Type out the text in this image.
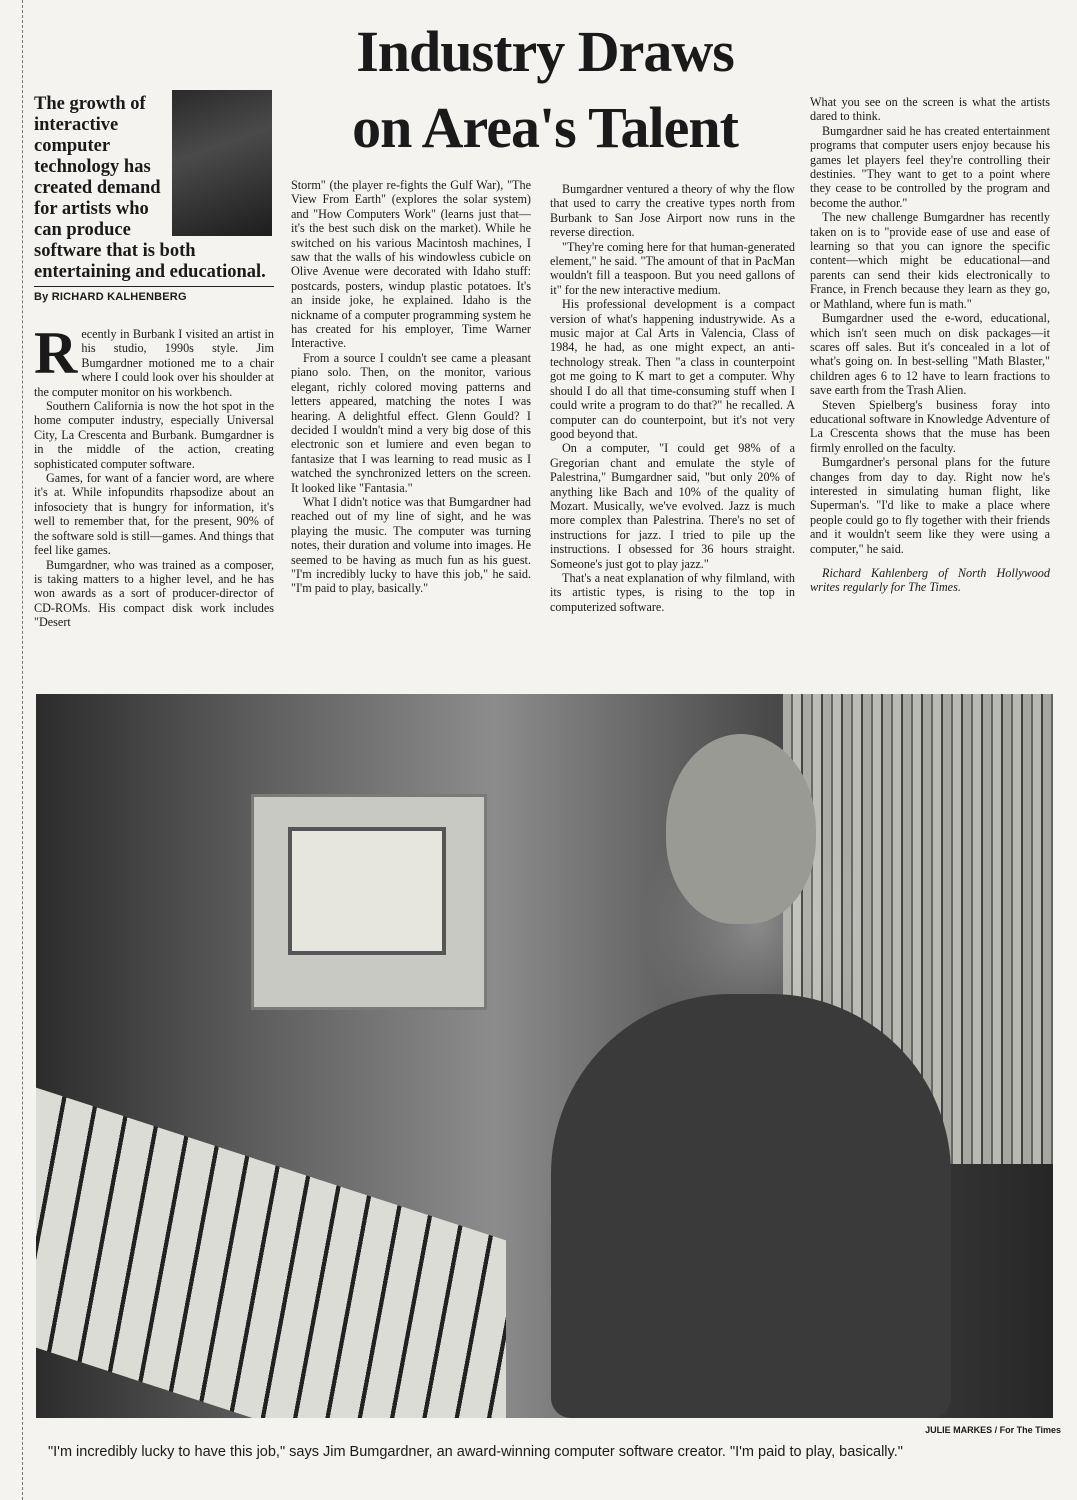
Industry Draws
on Area's Talent
The growth of
interactive
computer
technology has
created demand
for artists who
can produce
software that is both
entertaining and educational.
By RICHARD KALHENBERG

Recently in Burbank I visited an artist in his studio, 1990s style. Jim Bumgardner motioned me to a chair where I could look over his shoulder at the computer monitor on his workbench.

Southern California is now the hot spot in the home computer industry, especially Universal City, La Crescenta and Burbank. Bumgardner is in the middle of the action, creating sophisticated computer software.

Games, for want of a fancier word, are where it's at. While infopundits rhapsodize about an infosociety that is hungry for information, it's well to remember that, for the present, 90% of the software sold is still—games. And things that feel like games.

Bumgardner, who was trained as a composer, is taking matters to a higher level, and he has won awards as a sort of producer-director of CD-ROMs. His compact disk work includes "Desert

Storm" (the player re-fights the Gulf War), "The View From Earth" (explores the solar system) and "How Computers Work" (learns just that—it's the best such disk on the market). While he switched on his various Macintosh machines, I saw that the walls of his windowless cubicle on Olive Avenue were decorated with Idaho stuff: postcards, posters, windup plastic potatoes. It's an inside joke, he explained. Idaho is the nickname of a computer programming system he has created for his employer, Time Warner Interactive.

From a source I couldn't see came a pleasant piano solo. Then, on the monitor, various elegant, richly colored moving patterns and letters appeared, matching the notes I was hearing. A delightful effect. Glenn Gould? I decided I wouldn't mind a very big dose of this electronic son et lumiere and even began to fantasize that I was learning to read music as I watched the synchronized letters on the screen. It looked like "Fantasia."

What I didn't notice was that Bumgardner had reached out of my line of sight, and he was playing the music. The computer was turning notes, their duration and volume into images. He seemed to be having as much fun as his guest. "I'm incredibly lucky to have this job," he said. "I'm paid to play, basically."

Bumgardner ventured a theory of why the flow that used to carry the creative types north from Burbank to San Jose Airport now runs in the reverse direction.

"They're coming here for that human-generated element," he said. "The amount of that in PacMan wouldn't fill a teaspoon. But you need gallons of it" for the new interactive medium.

His professional development is a compact version of what's happening industrywide. As a music major at Cal Arts in Valencia, Class of 1984, he had, as one might expect, an anti-technology streak. Then "a class in counterpoint got me going to K mart to get a computer. Why should I do all that time-consuming stuff when I could write a program to do that?" he recalled. A computer can do counterpoint, but it's not very good beyond that.

On a computer, "I could get 98% of a Gregorian chant and emulate the style of Palestrina," Bumgardner said, "but only 20% of anything like Bach and 10% of the quality of Mozart. Musically, we've evolved. Jazz is much more complex than Palestrina. There's no set of instructions for jazz. I tried to pile up the instructions. I obsessed for 36 hours straight. Someone's just got to play jazz."

That's a neat explanation of why filmland, with its artistic types, is rising to the top in computerized software.

What you see on the screen is what the artists dared to think.

Bumgardner said he has created entertainment programs that computer users enjoy because his games let players feel they're controlling their destinies. "They want to get to a point where they cease to be controlled by the program and become the author."

The new challenge Bumgardner has recently taken on is to "provide ease of use and ease of learning so that you can ignore the specific content—which might be educational—and parents can send their kids electronically to France, in French because they learn as they go, or Mathland, where fun is math."

Bumgardner used the e-word, educational, which isn't seen much on disk packages—it scares off sales. But it's concealed in a lot of what's going on. In best-selling "Math Blaster," children ages 6 to 12 have to learn fractions to save earth from the Trash Alien.

Steven Spielberg's business foray into educational software in Knowledge Adventure of La Crescenta shows that the muse has been firmly enrolled on the faculty.

Bumgardner's personal plans for the future changes from day to day. Right now he's interested in simulating human flight, like Superman's. "I'd like to make a place where people could go to fly together with their friends and it wouldn't seem like they were using a computer," he said.

Richard Kahlenberg of North Hollywood writes regularly for The Times.

JULIE MARKES / For The Times
"I'm incredibly lucky to have this job," says Jim Bumgardner, an award-winning computer software creator. "I'm paid to play, basically."
